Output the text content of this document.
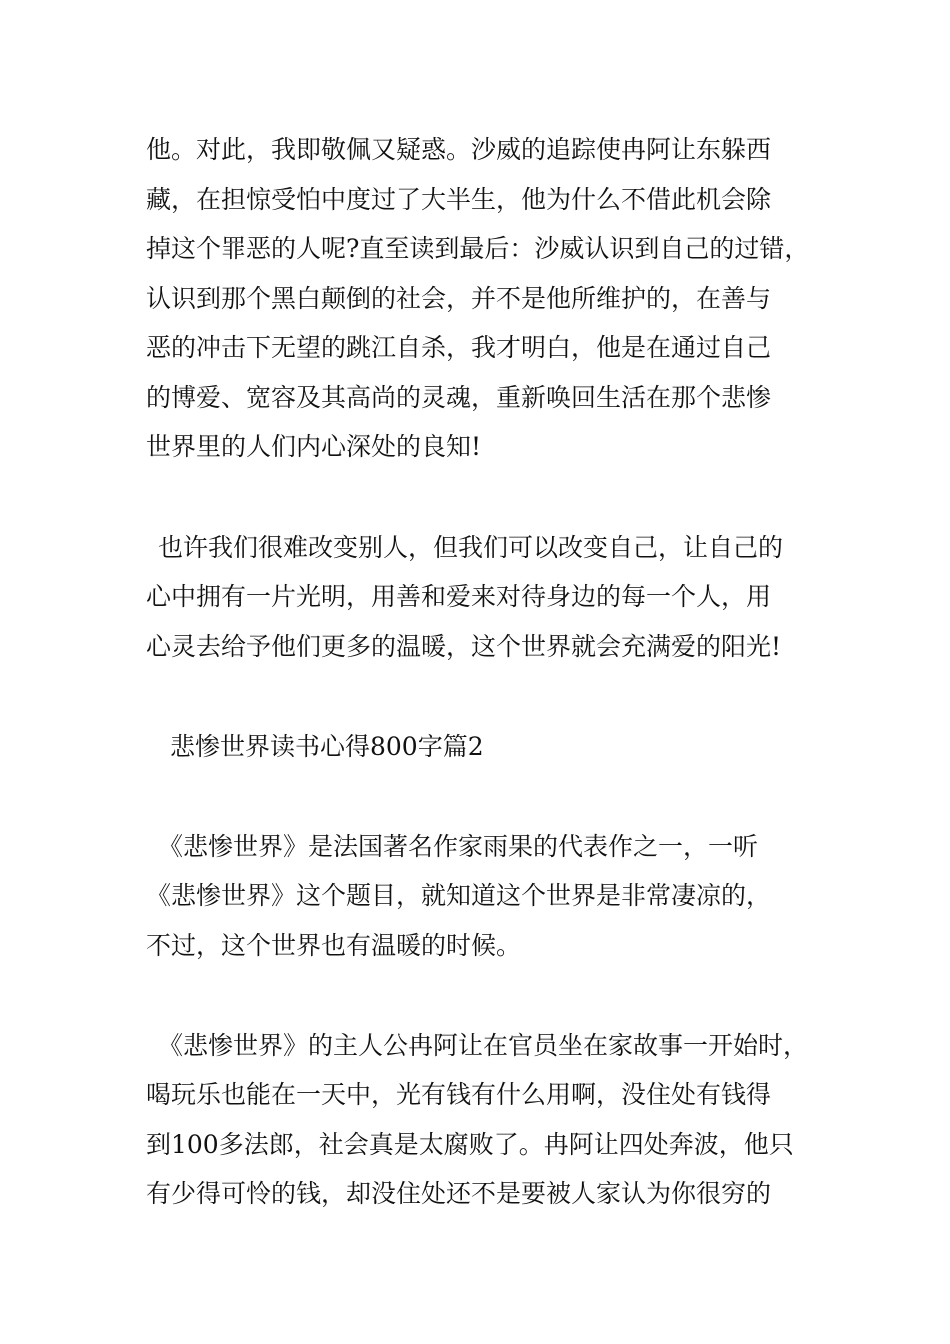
他。对此，我即敬佩又疑惑。沙威的追踪使冉阿让东躲西
藏，在担惊受怕中度过了大半生，他为什么不借此机会除
掉这个罪恶的人呢?直至读到最后：沙威认识到自己的过错，
认识到那个黑白颠倒的社会，并不是他所维护的，在善与
恶的冲击下无望的跳江自杀，我才明白，他是在通过自己
的博爱、宽容及其高尚的灵魂，重新唤回生活在那个悲惨
世界里的人们内心深处的良知!
也许我们很难改变别人，但我们可以改变自己，让自己的
心中拥有一片光明，用善和爱来对待身边的每一个人，用
心灵去给予他们更多的温暖，这个世界就会充满爱的阳光!
悲惨世界读书心得800字篇2
《悲惨世界》是法国著名作家雨果的代表作之一，一听
《悲惨世界》这个题目，就知道这个世界是非常凄凉的，
不过，这个世界也有温暖的时候。
《悲惨世界》的主人公冉阿让在官员坐在家故事一开始时，
喝玩乐也能在一天中，光有钱有什么用啊，没住处有钱得
到100多法郎，社会真是太腐败了。冉阿让四处奔波，他只
有少得可怜的钱，却没住处还不是要被人家认为你很穷的
